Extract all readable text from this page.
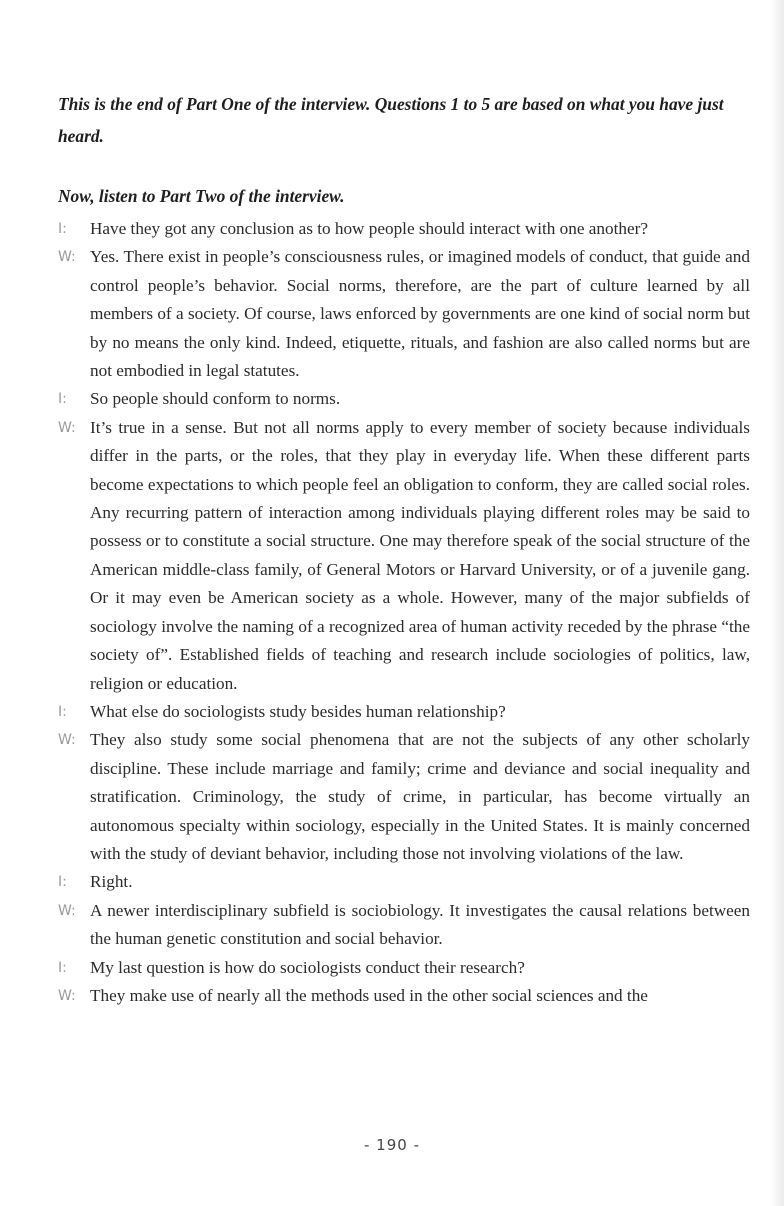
This is the end of Part One of the interview. Questions 1 to 5 are based on what you have just heard.
Now, listen to Part Two of the interview.
I:	Have they got any conclusion as to how people should interact with one another?
W: Yes. There exist in people’s consciousness rules, or imagined models of conduct, that guide and control people’s behavior. Social norms, therefore, are the part of culture learned by all members of a society. Of course, laws enforced by governments are one kind of social norm but by no means the only kind. Indeed, etiquette, rituals, and fashion are also called norms but are not embodied in legal statutes.
I:	So people should conform to norms.
W: It’s true in a sense. But not all norms apply to every member of society because individuals differ in the parts, or the roles, that they play in everyday life. When these different parts become expectations to which people feel an obligation to conform, they are called social roles. Any recurring pattern of interaction among individuals playing different roles may be said to possess or to constitute a social structure. One may therefore speak of the social structure of the American middle-class family, of General Motors or Harvard University, or of a juvenile gang. Or it may even be American society as a whole. However, many of the major subfields of sociology involve the naming of a recognized area of human activity receded by the phrase “the society of”. Established fields of teaching and research include sociologies of politics, law, religion or education.
I:	What else do sociologists study besides human relationship?
W: They also study some social phenomena that are not the subjects of any other scholarly discipline. These include marriage and family; crime and deviance and social inequality and stratification. Criminology, the study of crime, in particular, has become virtually an autonomous specialty within sociology, especially in the United States. It is mainly concerned with the study of deviant behavior, including those not involving violations of the law.
I:	Right.
W: A newer interdisciplinary subfield is sociobiology. It investigates the causal relations between the human genetic constitution and social behavior.
I:	My last question is how do sociologists conduct their research?
W: They make use of nearly all the methods used in the other social sciences and the
- 190 -
